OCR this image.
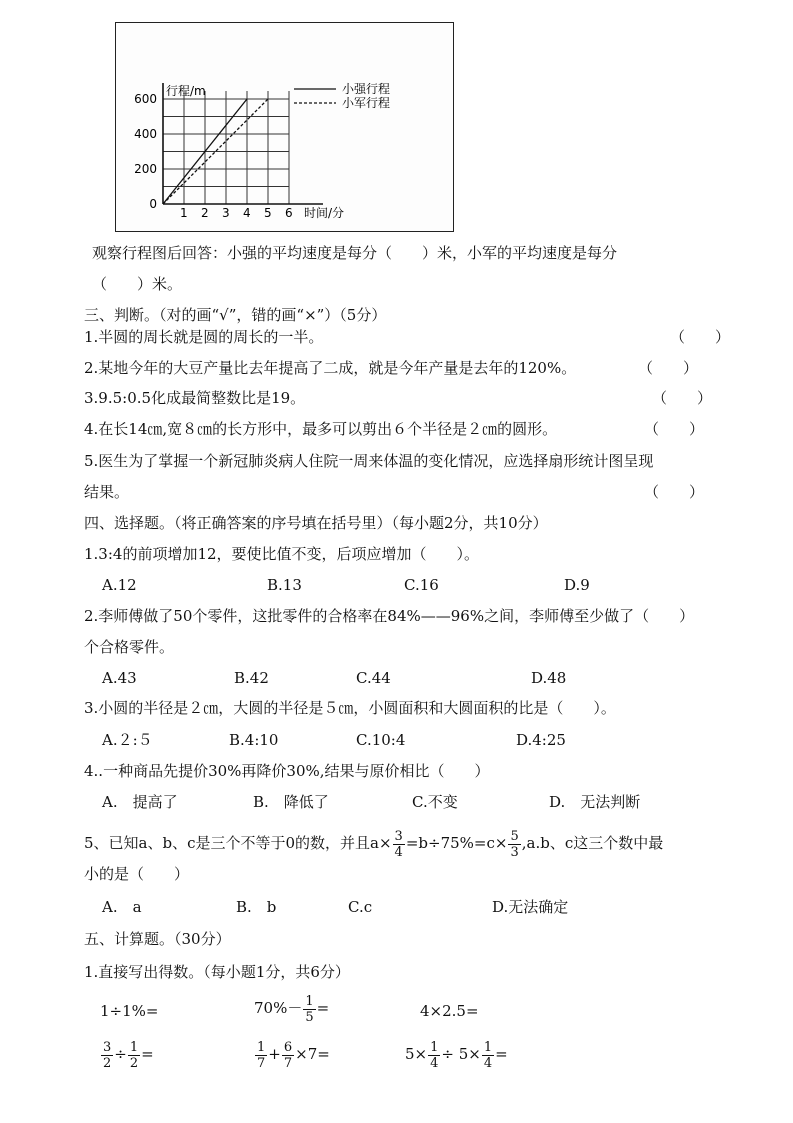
1 2 3 4 5 6
0
200
400
600
小强行程
小军行程
行程/m
时间/分
观察行程图后回答：小强的平均速度是每分（　　）米，小军的平均速度是每分
（　　）米。
三、判断。（对的画“√”，错的画“×”）（5分）
1.半圆的周长就是圆的周长的一半。	（　　）
2.某地今年的大豆产量比去年提高了二成，就是今年产量是去年的120%。	（　　）
3.9.5:0.5化成最简整数比是19。	（　　）
4.在长14㎝,宽８㎝的长方形中，最多可以剪出６个半径是２㎝的圆形。	（　　）
5.医生为了掌握一个新冠肺炎病人住院一周来体温的变化情况，应选择扇形统计图呈现
结果。	（　　）
四、选择题。（将正确答案的序号填在括号里）（每小题2分，共10分）
1.3:4的前项增加12，要使比值不变，后项应增加（　　）。
A.12	B.13	C.16	D.9
2.李师傅做了50个零件，这批零件的合格率在84%——96%之间，李师傅至少做了（　　）
个合格零件。
A.43	B.42	C.44	D.48
3.小圆的半径是２㎝，大圆的半径是５㎝，小圆面积和大圆面积的比是（　　）。
A.２:５	B.4:10	C.10:4	D.4:25
4..一种商品先提价30%再降价30%,结果与原价相比（　　）
A.　提高了	B.　降低了	C.不变	D.　无法判断
5、已知a、b、c是三个不等于0的数，并且$a\times \frac{3}{4} =b\div 75\%=c\times \frac{5}{3} ,a.b$、c这三个数中最
小的是（　　）
A.　a	B.　b	C.c	D.无法确定
五、计算题。（30分）
1.直接写出得数。（每小题1分，共6分）
1÷1%=	$70\%- \frac{1}{5}$ =	4×2.5=
$\frac{3}{2} \div \frac{1}{2}$ =	$\frac{1}{7} + \frac{6}{7} \times 7=$	$5\times \frac{1}{4} \div 5\times \frac{1}{4}$ =
